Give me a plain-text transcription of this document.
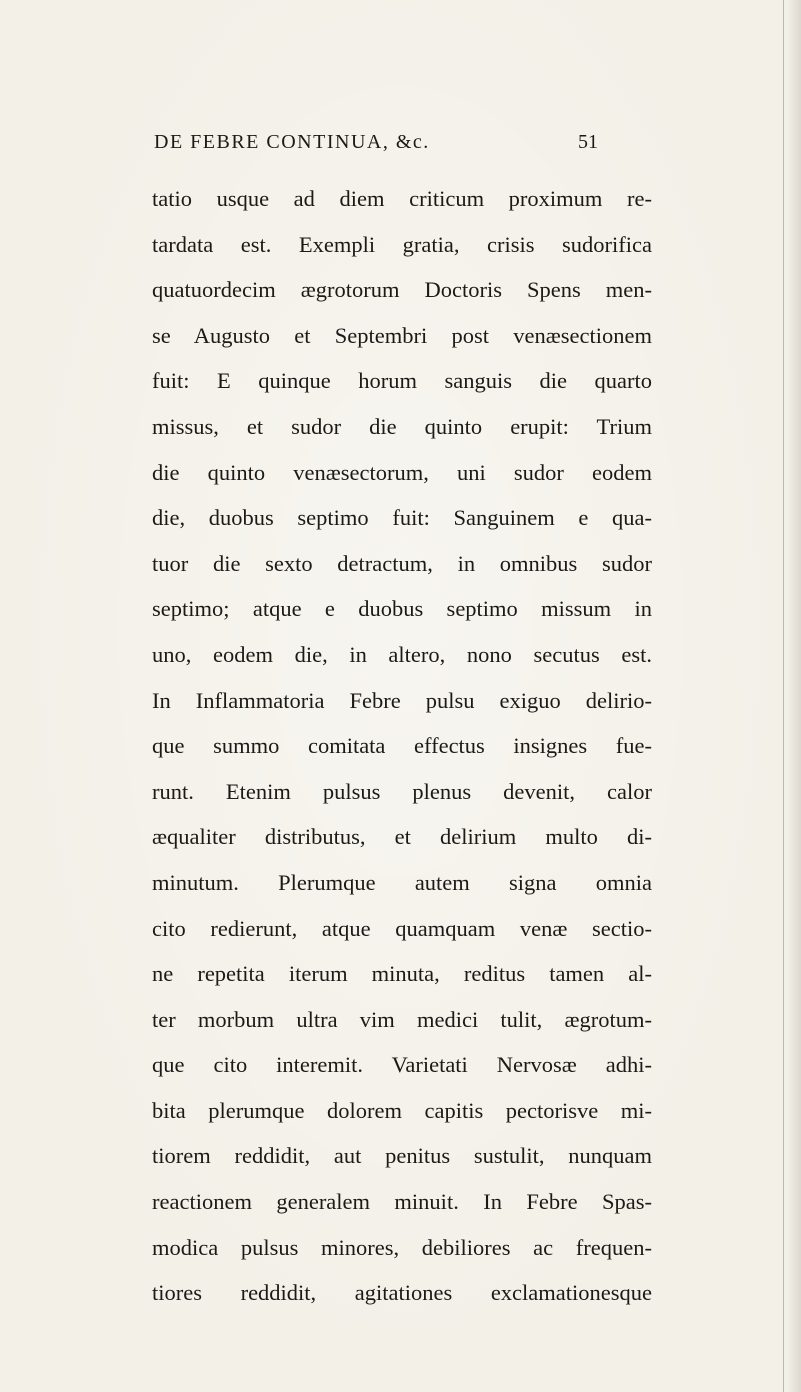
DE FEBRE CONTINUA, &c.	51
tatio usque ad diem criticum proximum re-
tardata est. Exempli gratia, crisis sudorifica
quatuordecim ægrotorum Doctoris Spens men-
se Augusto et Septembri post venæsectionem
fuit: E quinque horum sanguis die quarto
missus, et sudor die quinto erupit: Trium
die quinto venæsectorum, uni sudor eodem
die, duobus septimo fuit: Sanguinem e qua-
tuor die sexto detractum, in omnibus sudor
septimo; atque e duobus septimo missum in
uno, eodem die, in altero, nono secutus est.
In Inflammatoria Febre pulsu exiguo delirio-
que summo comitata effectus insignes fue-
runt. Etenim pulsus plenus devenit, calor
æqualiter distributus, et delirium multo di-
minutum. Plerumque autem signa omnia
cito redierunt, atque quamquam venæ sectio-
ne repetita iterum minuta, reditus tamen al-
ter morbum ultra vim medici tulit, ægrotum-
que cito interemit. Varietati Nervosæ adhi-
bita plerumque dolorem capitis pectorisve mi-
tiorem reddidit, aut penitus sustulit, nunquam
reactionem generalem minuit. In Febre Spas-
modica pulsus minores, debiliores ac frequen-
tiores reddidit, agitationes exclamationesque
